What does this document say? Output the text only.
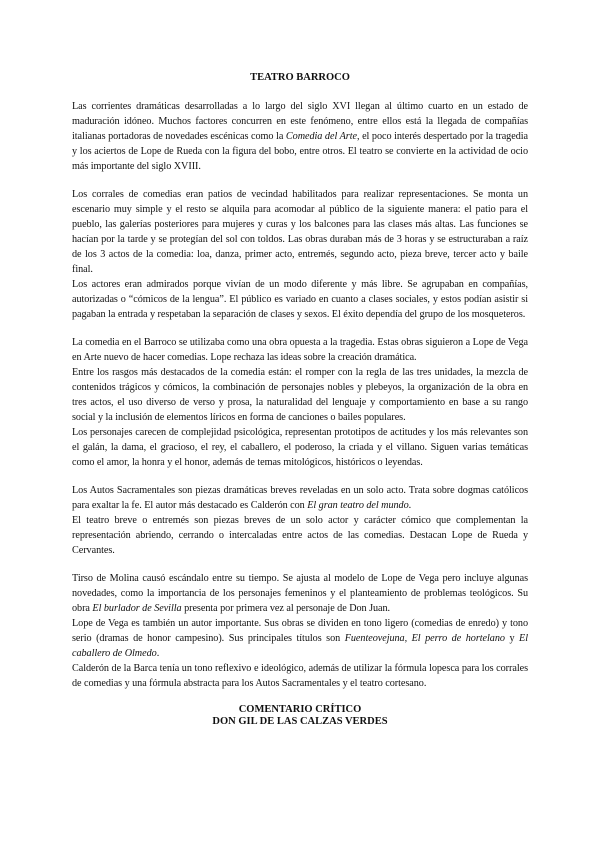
TEATRO BARROCO

Las corrientes dramáticas desarrolladas a lo largo del siglo XVI llegan al último cuarto en un estado de maduración idóneo. Muchos factores concurren en este fenómeno, entre ellos está la llegada de compañías italianas portadoras de novedades escénicas como la Comedia del Arte, el poco interés despertado por la tragedia y los aciertos de Lope de Rueda con la figura del bobo, entre otros. El teatro se convierte en la actividad de ocio más importante del siglo XVIII.

Los corrales de comedias eran patios de vecindad habilitados para realizar representaciones. Se monta un escenario muy simple y el resto se alquila para acomodar al público de la siguiente manera: el patio para el pueblo, las galerías posteriores para mujeres y curas y los balcones para las clases más altas. Las funciones se hacían por la tarde y se protegían del sol con toldos. Las obras duraban más de 3 horas y se estructuraban a raíz de los 3 actos de la comedia: loa, danza, primer acto, entremés, segundo acto, pieza breve, tercer acto y baile final.

Los actores eran admirados porque vivían de un modo diferente y más libre. Se agrupaban en compañías, autorizadas o “cómicos de la lengua”. El público es variado en cuanto a clases sociales, y estos podían asistir si pagaban la entrada y respetaban la separación de clases y sexos. El éxito dependía del grupo de los mosqueteros.

La comedia en el Barroco se utilizaba como una obra opuesta a la tragedia. Estas obras siguieron a Lope de Vega en Arte nuevo de hacer comedias. Lope rechaza las ideas sobre la creación dramática.

Entre los rasgos más destacados de la comedia están: el romper con la regla de las tres unidades, la mezcla de contenidos trágicos y cómicos, la combinación de personajes nobles y plebeyos, la organización de la obra en tres actos, el uso diverso de verso y prosa, la naturalidad del lenguaje y comportamiento en base a su rango social y la inclusión de elementos líricos en forma de canciones o bailes populares.

Los personajes carecen de complejidad psicológica, representan prototipos de actitudes y los más relevantes son el galán, la dama, el gracioso, el rey, el caballero, el poderoso, la criada y el villano. Siguen varias temáticas como el amor, la honra y el honor, además de temas mitológicos, históricos o leyendas.

Los Autos Sacramentales son piezas dramáticas breves reveladas en un solo acto. Trata sobre dogmas católicos para exaltar la fe. El autor más destacado es Calderón con El gran teatro del mundo.

El teatro breve o entremés son piezas breves de un solo actor y carácter cómico que complementan la representación abriendo, cerrando o intercaladas entre actos de las comedias. Destacan Lope de Rueda y Cervantes.

Tirso de Molina causó escándalo entre su tiempo. Se ajusta al modelo de Lope de Vega pero incluye algunas novedades, como la importancia de los personajes femeninos y el planteamiento de problemas teológicos. Su obra El burlador de Sevilla presenta por primera vez al personaje de Don Juan.

Lope de Vega es también un autor importante. Sus obras se dividen en tono ligero (comedias de enredo) y tono serio (dramas de honor campesino). Sus principales títulos son Fuenteovejuna, El perro de hortelano y El caballero de Olmedo.

Calderón de la Barca tenía un tono reflexivo e ideológico, además de utilizar la fórmula lopesca para los corrales de comedias y una fórmula abstracta para los Autos Sacramentales y el teatro cortesano.

COMENTARIO CRÍTICO
DON GIL DE LAS CALZAS VERDES
